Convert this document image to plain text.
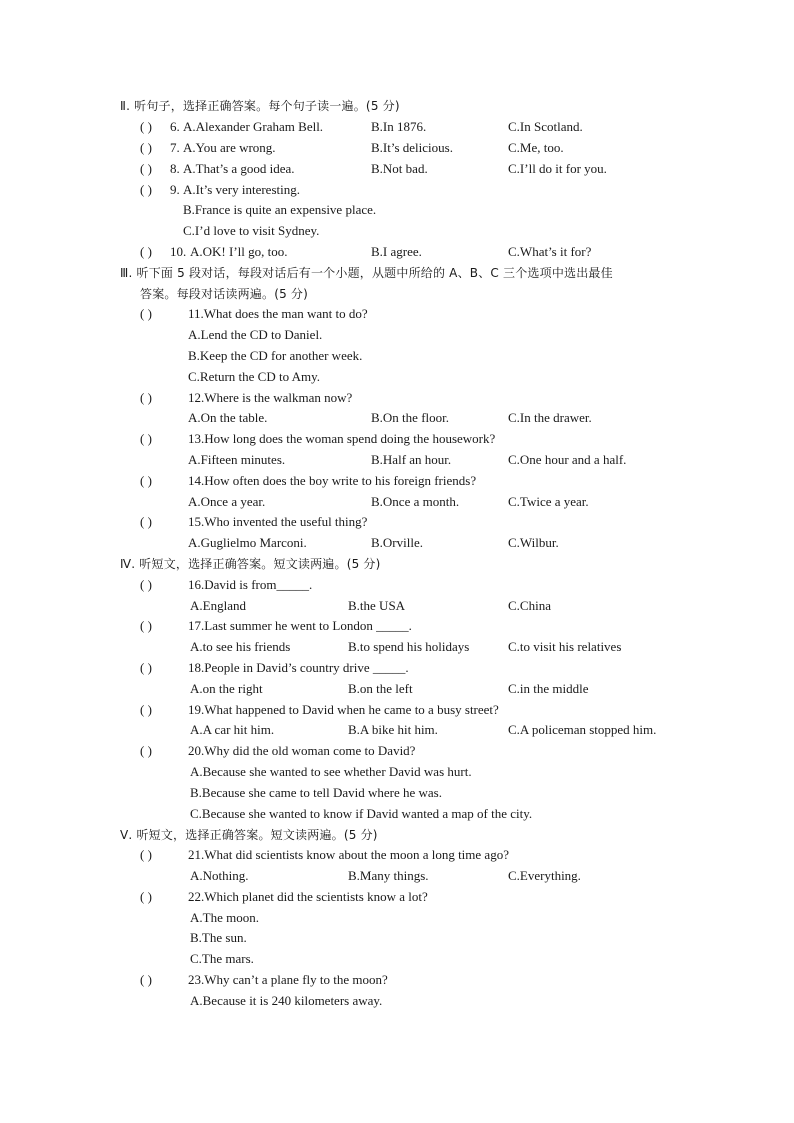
Ⅱ. 听句子，选择正确答案。每个句子读一遍。(5 分)
( ) 6. A.Alexander Graham Bell.	B.In 1876.	C.In Scotland.
( ) 7. A.You are wrong.	B.It’s delicious.	C.Me, too.
( ) 8. A.That’s a good idea.	B.Not bad.	C.I’ll do it for you.
( ) 9. A.It’s very interesting.
B.France is quite an expensive place.
C.I’d love to visit Sydney.
( ) 10. A.OK! I’ll go, too.	B.I agree.	C.What’s it for?
Ⅲ. 听下面 5 段对话，每段对话后有一个小题，从题中所给的 A、B、C 三个选项中选出最佳
答案。每段对话读两遍。(5 分)
( )	11.What does the man want to do?
A.Lend the CD to Daniel.
B.Keep the CD for another week.
C.Return the CD to Amy.
( )	12.Where is the walkman now?
A.On the table.	B.On the floor.	C.In the drawer.
( )	13.How long does the woman spend doing the housework?
A.Fifteen minutes.	B.Half an hour.	C.One hour and a half.
( )	14.How often does the boy write to his foreign friends?
A.Once a year.	B.Once a month.	C.Twice a year.
( )	15.Who invented the useful thing?
A.Guglielmo Marconi.	B.Orville.	C.Wilbur.
Ⅳ. 听短文，选择正确答案。短文读两遍。(5 分)
( )	16.David is from_____.
A.England	B.the USA	C.China
( )	17.Last summer he went to London _____.
A.to see his friends	B.to spend his holidays	C.to visit his relatives
( )	18.People in David’s country drive _____.
A.on the right	B.on the left	C.in the middle
( )	19.What happened to David when he came to a busy street?
A.A car hit him.	B.A bike hit him.	C.A policeman stopped him.
( )	20.Why did the old woman come to David?
A.Because she wanted to see whether David was hurt.
B.Because she came to tell David where he was.
C.Because she wanted to know if David wanted a map of the city.
Ⅴ. 听短文，选择正确答案。短文读两遍。(5 分)
( )	21.What did scientists know about the moon a long time ago?
A.Nothing.	B.Many things.	C.Everything.
( )	22.Which planet did the scientists know a lot?
A.The moon.
B.The sun.
C.The mars.
( )	23.Why can’t a plane fly to the moon?
A.Because it is 240 kilometers away.
